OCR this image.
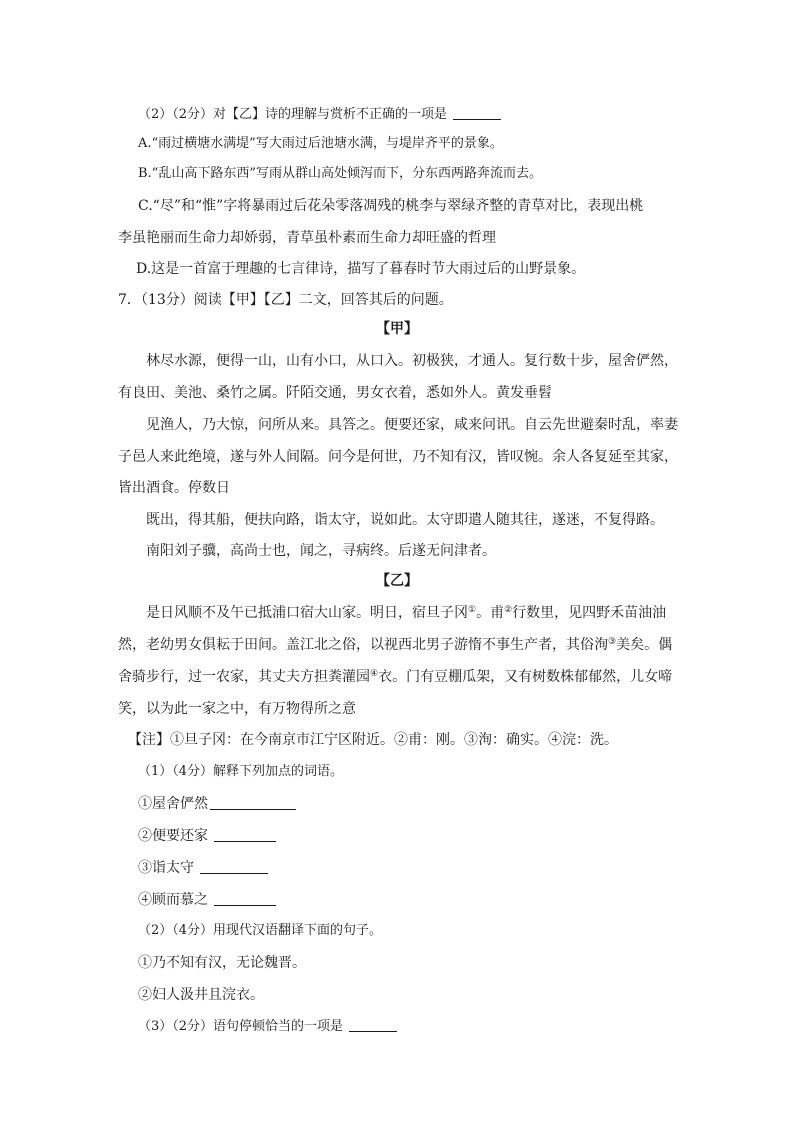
（2）（2分）对【乙】诗的理解与赏析不正确的一项是
A.“雨过横塘水满堤”写大雨过后池塘水满，与堤岸齐平的景象。
B.“乱山高下路东西”写雨从群山高处倾泻而下，分东西两路奔流而去。
C.“尽”和“惟”字将暴雨过后花朵零落凋残的桃李与翠绿齐整的青草对比，表现出桃
李虽艳丽而生命力却娇弱，青草虽朴素而生命力却旺盛的哲理
D.这是一首富于理趣的七言律诗，描写了暮春时节大雨过后的山野景象。
7．（13分）阅读【甲】【乙】二文，回答其后的问题。
【甲】
林尽水源，便得一山，山有小口，从口入。初极狭，才通人。复行数十步，屋舍俨然，
有良田、美池、桑竹之属。阡陌交通，男女衣着，悉如外人。黄发垂髫
见渔人，乃大惊，问所从来。具答之。便要还家，咸来问讯。自云先世避秦时乱，率妻
子邑人来此绝境，遂与外人间隔。问今是何世，乃不知有汉，皆叹惋。余人各复延至其家，
皆出酒食。停数日
既出，得其船，便扶向路，诣太守，说如此。太守即遣人随其往，遂迷，不复得路。
南阳刘子骥，高尚士也，闻之，寻病终。后遂无问津者。
【乙】
是日风顺不及午已抵浦口宿大山家。明日，宿旦子冈①。甫②行数里，见四野禾苗油油
然，老幼男女俱耘于田间。盖江北之俗，以视西北男子游惰不事生产者，其俗洵③美矣。偶
舍骑步行，过一农家，其丈夫方担粪灌园④衣。门有豆棚瓜架，又有树数株郁郁然，儿女啼
笑，以为此一家之中，有万物得所之意
【注】①旦子冈：在今南京市江宁区附近。②甫：刚。③洵：确实。④浣：洗。
（1）（4分）解释下列加点的词语。
①屋舍俨然
②便要还家
③诣太守
④顾而慕之
（2）（4分）用现代汉语翻译下面的句子。
①乃不知有汉，无论魏晋。
②妇人汲井且浣衣。
（3）（2分）语句停顿恰当的一项是
